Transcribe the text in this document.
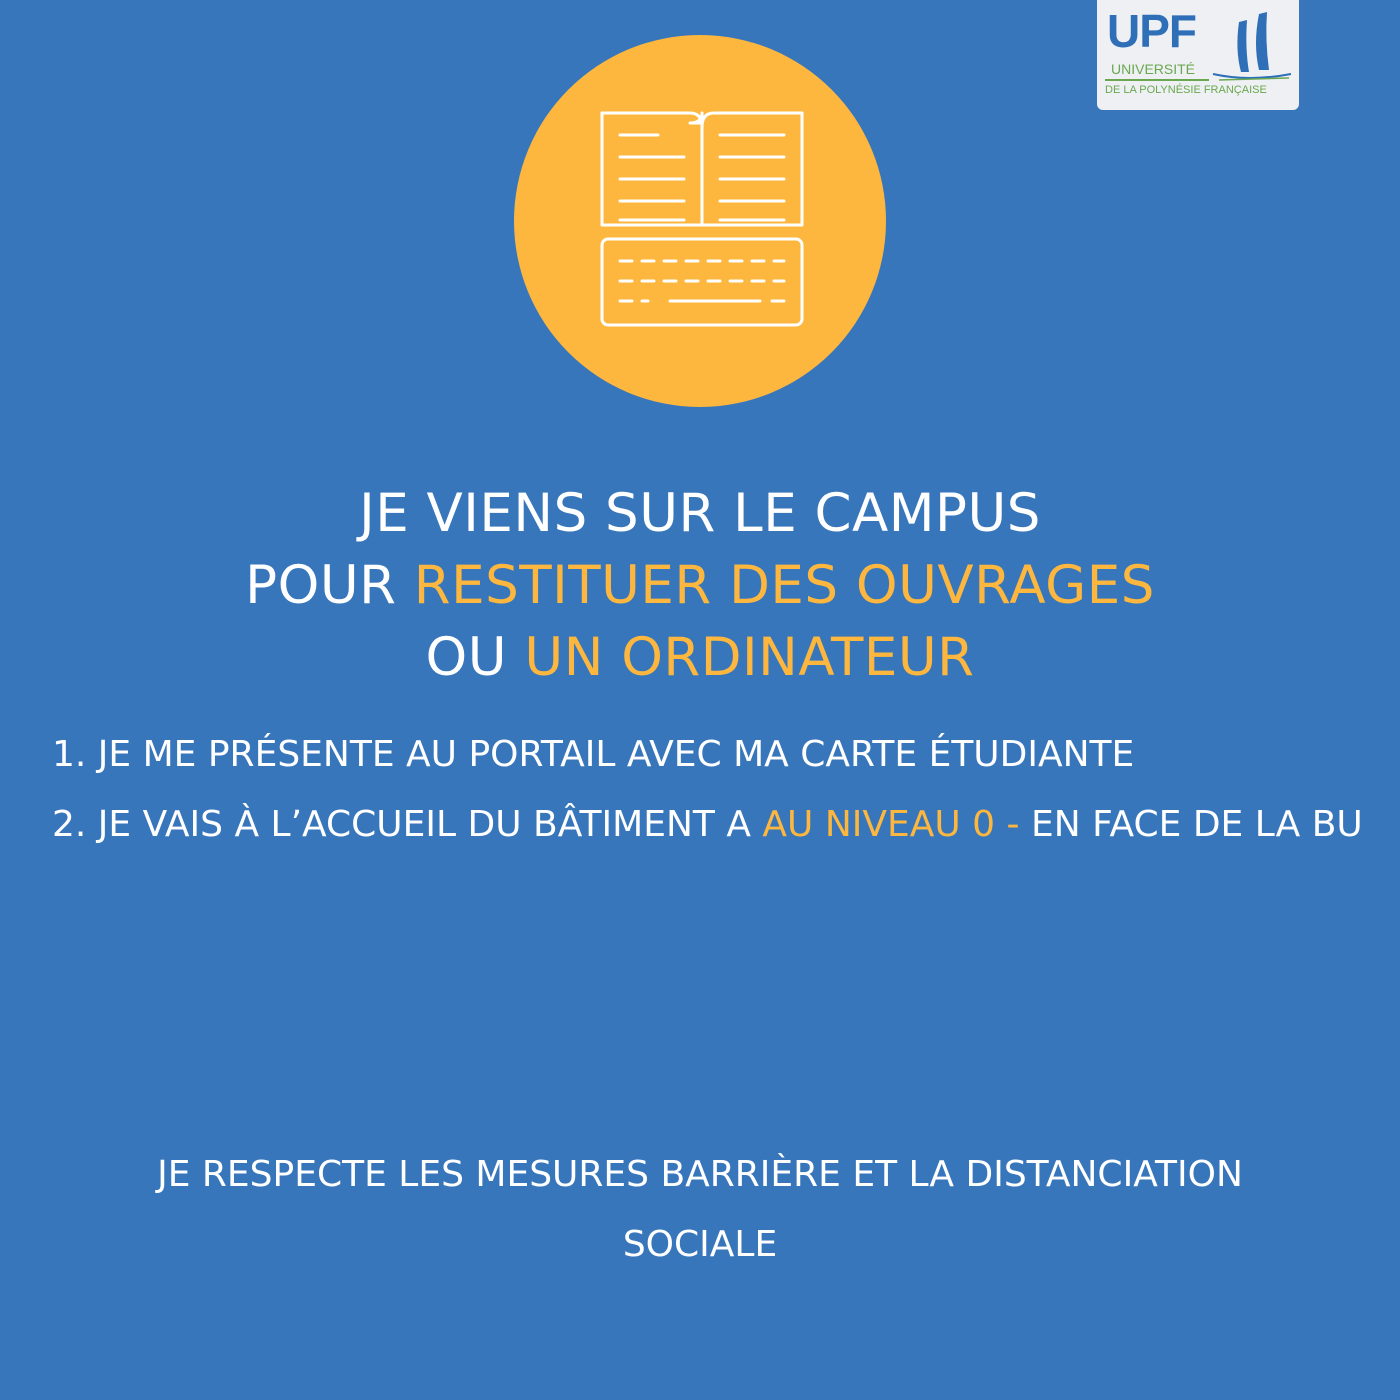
UPF
UNIVERSITÉ
DE LA POLYNÉSIE FRANÇAISE
JE VIENS SUR LE CAMPUS
POUR RESTITUER DES OUVRAGES
OU UN ORDINATEUR
1. JE ME PRÉSENTE AU PORTAIL AVEC MA CARTE ÉTUDIANTE
2. JE VAIS À L’ACCUEIL DU BÂTIMENT A AU NIVEAU 0 - EN FACE DE LA BU
JE RESPECTE LES MESURES BARRIÈRE ET LA DISTANCIATION SOCIALE
